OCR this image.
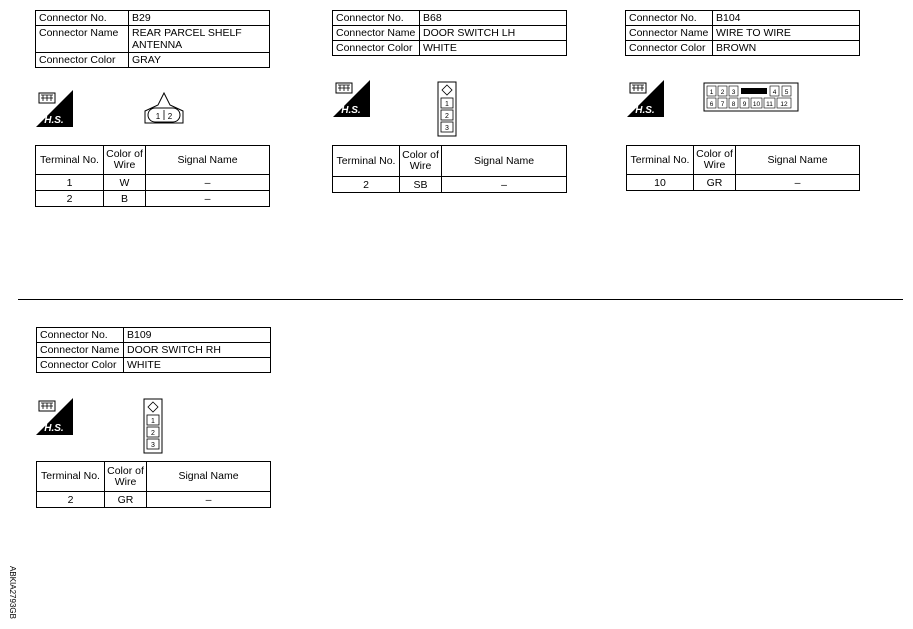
Connector No.	B29
Connector Name	REAR PARCEL SHELF ANTENNA
Connector Color	GRAY
H.S.	1 2
Terminal No.	Color of Wire	Signal Name
1	W	–
2	B	–
Connector No.	B68
Connector Name	DOOR SWITCH LH
Connector Color	WHITE
H.S.
1
2
3
Terminal No.	Color of Wire	Signal Name
2	SB	–
Connector No.	B104
Connector Name	WIRE TO WIRE
Connector Color	BROWN
H.S.
1 2 3	4 5
6 7 8 9 10 11 12
Terminal No.	Color of Wire	Signal Name
10	GR	–
Connector No.	B109
Connector Name	DOOR SWITCH RH
Connector Color	WHITE
H.S.
1
2
3
Terminal No.	Color of Wire	Signal Name
2	GR	–
ABKIA2793GB
